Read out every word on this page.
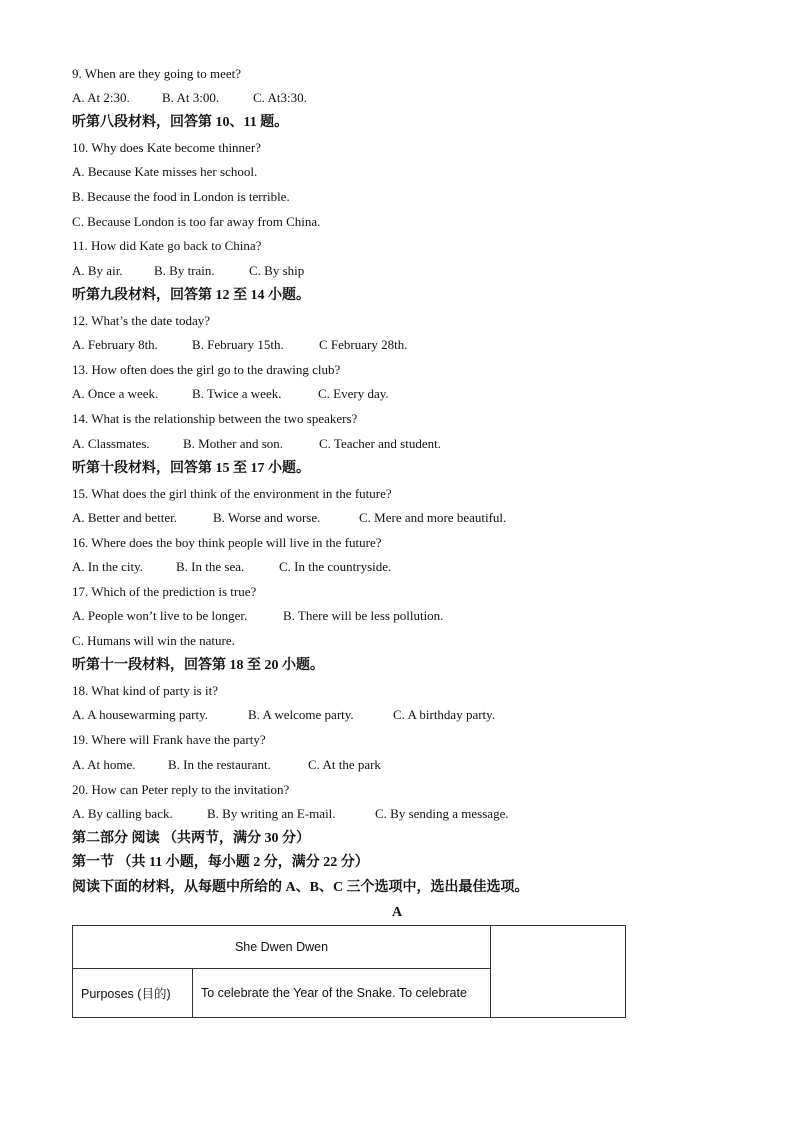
9. When are they going to meet?
A. At 2:30. B. At 3:00.	C. At3:30.
听第八段材料，回答第 10、11 题。
10. Why does Kate become thinner?
A. Because Kate misses her school.
B. Because the food in London is terrible.
C. Because London is too far away from China.
11. How did Kate go back to China?
A. By air. B. By train.	C. By ship
听第九段材料，回答第 12 至 14 小题。
12. What’s the date today?
A. February 8th.	B. February 15th.	C February 28th.
13. How often does the girl go to the drawing club?
A. Once a week.	B. Twice a week.	C. Every day.
14. What is the relationship between the two speakers?
A. Classmates.	B. Mother and son.	C. Teacher and student.
听第十段材料，回答第 15 至 17 小题。
15. What does the girl think of the environment in the future?
A. Better and better.	B. Worse and worse.	C. Mere and more beautiful.
16. Where does the boy think people will live in the future?
A. In the city.	B. In the sea.	C. In the countryside.
17. Which of the prediction is true?
A. People won’t live to be longer.	B. There will be less pollution.
C. Humans will win the nature.
听第十一段材料，回答第 18 至 20 小题。
18. What kind of party is it?
A. A housewarming party.	B. A welcome party.	C. A birthday party.
19. Where will Frank have the party?
A. At home. B. In the restaurant.	C. At the park
20. How can Peter reply to the invitation?
A. By calling back.	B. By writing an E-mail.	C. By sending a message.
第二部分 阅读 （共两节，满分 30 分）
第一节 （共 11 小题，每小题 2 分，满分 22 分）
阅读下面的材料，从每题中所给的 A、B、C 三个选项中，选出最佳选项。
A
She Dwen Dwen		
Purposes (目的)	To celebrate the Year of the Snake. To celebrate	
